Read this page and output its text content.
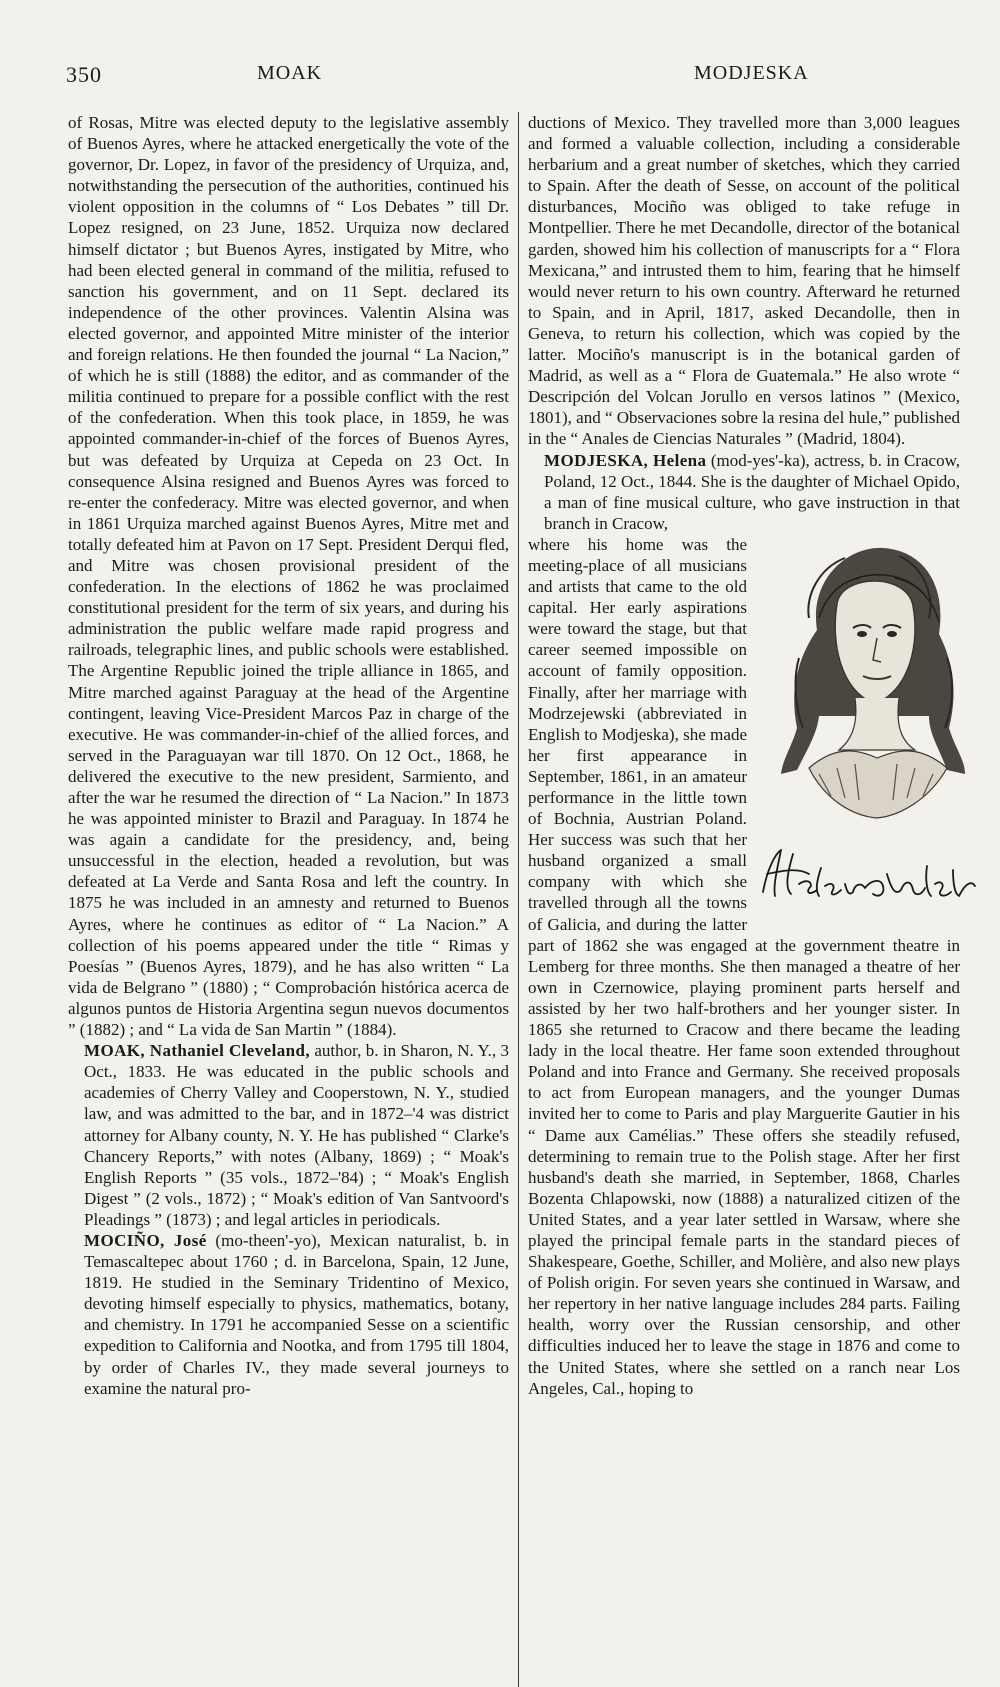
350	MOAK	MODJESKA

of Rosas, Mitre was elected deputy to the legislative assembly of Buenos Ayres, where he attacked energetically the vote of the governor, Dr. Lopez, in favor of the presidency of Urquiza, and, notwithstanding the persecution of the authorities, continued his violent opposition in the columns of “ Los Debates ” till Dr. Lopez resigned, on 23 June, 1852. Urquiza now declared himself dictator ; but Buenos Ayres, instigated by Mitre, who had been elected general in command of the militia, refused to sanction his government, and on 11 Sept. declared its independence of the other provinces. Valentin Alsina was elected governor, and appointed Mitre minister of the interior and foreign relations. He then founded the journal “ La Nacion,” of which he is still (1888) the editor, and as commander of the militia continued to prepare for a possible conflict with the rest of the confederation. When this took place, in 1859, he was appointed commander-in-chief of the forces of Buenos Ayres, but was defeated by Urquiza at Cepeda on 23 Oct. In consequence Alsina resigned and Buenos Ayres was forced to re-enter the confederacy. Mitre was elected governor, and when in 1861 Urquiza marched against Buenos Ayres, Mitre met and totally defeated him at Pavon on 17 Sept. President Derqui fled, and Mitre was chosen provisional president of the confederation. In the elections of 1862 he was proclaimed constitutional president for the term of six years, and during his administration the public welfare made rapid progress and railroads, telegraphic lines, and public schools were established. The Argentine Republic joined the triple alliance in 1865, and Mitre marched against Paraguay at the head of the Argentine contingent, leaving Vice-President Marcos Paz in charge of the executive. He was commander-in-chief of the allied forces, and served in the Paraguayan war till 1870. On 12 Oct., 1868, he delivered the executive to the new president, Sarmiento, and after the war he resumed the direction of “ La Nacion.” In 1873 he was appointed minister to Brazil and Paraguay. In 1874 he was again a candidate for the presidency, and, being unsuccessful in the election, headed a revolution, but was defeated at La Verde and Santa Rosa and left the country. In 1875 he was included in an amnesty and returned to Buenos Ayres, where he continues as editor of “ La Nacion.” A collection of his poems appeared under the title “ Rimas y Poesías ” (Buenos Ayres, 1879), and he has also written “ La vida de Belgrano ” (1880) ; “ Comprobación histórica acerca de algunos puntos de Historia Argentina segun nuevos documentos ” (1882) ; and “ La vida de San Martin ” (1884).

MOAK, Nathaniel Cleveland, author, b. in Sharon, N. Y., 3 Oct., 1833. He was educated in the public schools and academies of Cherry Valley and Cooperstown, N. Y., studied law, and was admitted to the bar, and in 1872–'4 was district attorney for Albany county, N. Y. He has published “ Clarke's Chancery Reports,” with notes (Albany, 1869) ; “ Moak's English Reports ” (35 vols., 1872–'84) ; “ Moak's English Digest ” (2 vols., 1872) ; “ Moak's edition of Van Santvoord's Pleadings ” (1873) ; and legal articles in periodicals.

MOCIÑO, José (mo-theen'-yo), Mexican naturalist, b. in Temascaltepec about 1760 ; d. in Barcelona, Spain, 12 June, 1819. He studied in the Seminary Tridentino of Mexico, devoting himself especially to physics, mathematics, botany, and chemistry. In 1791 he accompanied Sesse on a scientific expedition to California and Nootka, and from 1795 till 1804, by order of Charles IV., they made several journeys to examine the natural pro-

ductions of Mexico. They travelled more than 3,000 leagues and formed a valuable collection, including a considerable herbarium and a great number of sketches, which they carried to Spain. After the death of Sesse, on account of the political disturbances, Mociño was obliged to take refuge in Montpellier. There he met Decandolle, director of the botanical garden, showed him his collection of manuscripts for a “ Flora Mexicana,” and intrusted them to him, fearing that he himself would never return to his own country. Afterward he returned to Spain, and in April, 1817, asked Decandolle, then in Geneva, to return his collection, which was copied by the latter. Mociño's manuscript is in the botanical garden of Madrid, as well as a “ Flora de Guatemala.” He also wrote “ Descripción del Volcan Jorullo en versos latinos ” (Mexico, 1801), and “ Observaciones sobre la resina del hule,” published in the “ Anales de Ciencias Naturales ” (Madrid, 1804).

MODJESKA, Helena (mod-yes'-ka), actress, b. in Cracow, Poland, 12 Oct., 1844. She is the daughter of Michael Opido, a man of fine musical culture, who gave instruction in that branch in Cracow,

where his home was the meeting-place of all musicians and artists that came to the old capital. Her early aspirations were toward the stage, but that career seemed impossible on account of family opposition. Finally, after her marriage with Modrzejewski (abbreviated in English to Modjeska), she made her first appearance in September, 1861, in an amateur performance in the little town of Bochnia, Austrian Poland. Her success was such that her husband organized a small company with which she travelled through all the towns of Galicia, and during the latter part of 1862 she was engaged at the government theatre in Lemberg for three months. She then managed a theatre of her own in Czernowice, playing prominent parts herself and assisted by her two half-brothers and her younger sister. In 1865 she returned to Cracow and there became the leading lady in the local theatre. Her fame soon extended throughout Poland and into France and Germany. She received proposals to act from European managers, and the younger Dumas invited her to come to Paris and play Marguerite Gautier in his “ Dame aux Camélias.” These offers she steadily refused, determining to remain true to the Polish stage. After her first husband's death she married, in September, 1868, Charles Bozenta Chlapowski, now (1888) a naturalized citizen of the United States, and a year later settled in Warsaw, where she played the principal female parts in the standard pieces of Shakespeare, Goethe, Schiller, and Molière, and also new plays of Polish origin. For seven years she continued in Warsaw, and her repertory in her native language includes 284 parts. Failing health, worry over the Russian censorship, and other difficulties induced her to leave the stage in 1876 and come to the United States, where she settled on a ranch near Los Angeles, Cal., hoping to
